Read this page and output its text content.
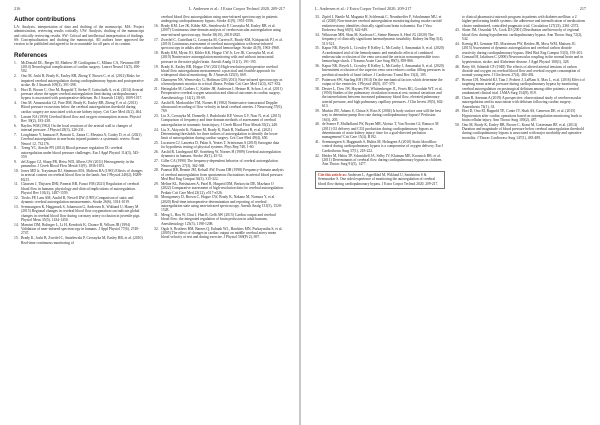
216	L. Andersen et al.: J Extra Corpor Technol 2020, 209-217
Author contributions

LA: Analysis, interpretation of data and drafting of the manuscript. MA: Project administration, reviewing results critically. UW: Analysis, drafting of the manuscript and critically reviewing results. SW: Critical and intellectual interpretation of findings. SS: Conceptualization and drafting the manuscript. All authors have approved the version to be published and agreed to be accountable for all parts of its content.

References
1.	McDonald DL, Berger M, Mathew JP, Graffagnino C, Milano CA, Newman MF (2014) Neurological complications of cardiac surgery. Lancet Neurol 13(5), 490-502.
2.	Ono M, Joshi B, Brady K, Easley RB, Zheng Y, Brown C, et al. (2012) Risks for impaired cerebral autoregulation during cardiopulmonary bypass and postoperative stroke. Br J Anaesth 109(3), 391-398.
3.	Hori D, Brown C, Ono M, Rappold T, Sieber F, Gottschalk A, et al. (2014) Arterial pressure above the upper cerebral autoregulation limit during cardiopulmonary bypass is associated with postoperative delirium. Br J Anaesth 113(6), 1009-1017.
4.	Ono M, Arnaoutakis GJ, Fine DM, Brady K, Easley RB, Zheng Y, et al. (2013) Blood pressure excursions below the cerebral autoregulation threshold during cardiac surgery are associated with acute kidney injury. Crit Care Med 41(2), 464.
5.	Lassen NA (1959) Cerebral blood flow and oxygen consumption in man. Physiol Rev 39(2), 183-238.
6.	Bayliss WM (1902) On the local reactions of the arterial wall to changes of internal pressure. J Physiol 28(3), 220-231.
7.	Longhitano Y, Iannuzzi F, Bonatti G, Zanza C, Messina A, Godoy D, et al. (2021) Cerebral autoregulation in non-brain injured patients: a systematic review. Front Neurol 12, 732176.
8.	Tzeng YC, Ainslie PN (2014) Blood pressure regulation IX: cerebral autoregulation under blood pressure challenges. Eur J Appl Physiol 114(3), 545-559.
9.	del Zoppo GJ, Sharp FR, Heiss WD, Albers GW (2011) Heterogeneity in the penumbra. J Cereb Blood Flow Metab 31(9), 1836-1851.
10. Jones MD Jr, Traystman RJ, Simmons MA, Molteni RA (1981) Effects of changes in arterial content on cerebral blood flow in the lamb. Am J Physiol 240(2), H209-H215.
11. Claassen J, Thijssen DHJ, Panerai RB, Faraci FM (2021) Regulation of cerebral blood flow in humans: physiology and clinical implications of autoregulation. Physiol Rev 101(4), 1487-1559.
12. Tiecks FP, Lam AM, Aaslid R, Newell DW (1995) Comparison of static and dynamic cerebral autoregulation measurements. Stroke 26(6), 1014-1019.
13. Svennungsen K, Haggmark S, Johansson G, Andersen K, Wiklund U, Haney M (2015) Regional changes in cerebral blood flow oxygenation can indicate global changes in cerebral blood flow during coronary artery occlusion in juvenile pigs. Physiol Meas 35(5), 1434-1450.
14. Mancini DM, Bolinger L, Li H, Kendrick K, Chance B, Wilson JR (1994) Validation of near-infrared spectroscopy in humans. J Appl Physiol 77(6), 2740-2747.
15. Brady K, Joshi B, Zweifel C, Smielewski P, Czosnyka M, Easley RB, et al. (2010) Real-time continuous monitoring of
cerebral blood flow autoregulation using near-infrared spectroscopy in patients undergoing cardiopulmonary bypass. Stroke 41(9), 1951-1956.
16. Brady KM, Lee JK, Kibler KK, Smielewski P, Czosnyka M, Easley RB, et al. (2007) Continuous time-domain analysis of cerebrovascular autoregulation using near-infrared spectroscopy. Stroke 38(10), 2818-2825.
17. Zweifel C, Castellani G, Czosnyka M, Carrera E, Brady KM, Kirkpatrick PJ, et al. (2010) Continuous assessment of cerebral autoregulation with near-infrared spectroscopy in adults after subarachnoid hemorrhage. Stroke 41(9), 1963-1968.
18. Brady KM, Mytar JO, Kibler KK, Hogue CW Jr, Lee JK, Czosnyka M, et al. (2010) Noninvasive autoregulation monitoring with and without intracranial pressure in the naive piglet brain. Anesth Analg 111(1), 191-195.
19. Brady K, Easley RB, Hogue CW (2021) High-resolution perioperative cerebral blood flow autoregulation measurement: a practical and feasible approach for widespread clinical monitoring. Br J Anaesth 125(5), 669.
20. Ghanayem NS, Wernovsky G, Hoffman GM (2011) Near-infrared spectroscopy as a hemodynamic monitor in critical illness. Pediatr Crit Care Med 12(4), S27-S32.
21. Heringlake M, Garbers C, Kabler JH, Anderson I, Heinze H, Schon J, et al. (2011) Preoperative cerebral oxygen saturation and clinical outcomes in cardiac surgery. Anesthesiology 114(1), 58-69.
22. Aaslid R, Markwalder TM, Nornes H (1982) Noninvasive transcranial Doppler ultrasound recording of flow velocity in basal cerebral arteries. J Neurosurg 57(6), 769.
23. Liu X, Czosnyka M, Donnelly J, Budohoski KP, Varsos GV, Nasr N, et al. (2015) Comparison of frequency and time domain methods of assessment of cerebral autoregulation in traumatic brain injury. J Cereb Blood Flow Metab 35(2), 248.
24. Liu X, Akiyoshi K, Nakano M, Brady K, Bush B, Nadkarni R, et al. (2021) Determining thresholds for three indices of autoregulation to identify the lower limit of autoregulation during cardiac surgery. Crit Care Med 49(4), 650.
25. Lucassen CJ, Lanzeira D, Palan A, Yeates T, Srinivasan A (2018) Surrogate data for hypothesis testing of physical systems. Phys Rep 748, 1-60.
26. Aaslid R, Lindegaard KF, Sorteberg W, Nornes H (1989) Cerebral autoregulation dynamics in humans. Stroke 20(1), 45-52.
27. Giller CA (1990) The frequency-dependent behavior of cerebral autoregulation. Neurosurgery 27(3), 362-368.
28. Panerai RB, Rennie JM, Kelsall AW, Evans DH (1998) Frequency-domain analysis of cerebral autoregulation from spontaneous fluctuations in arterial blood pressure. Med Biol Eng Comput 36(3), 315-322.
29. Meline KL, Beishuizen A, Patel R, Haspeid DM, Berkowitz DE, Mazhara O (2022) Comparative assessment of high-resolution data for cerebral autoregulation. Pediatr Crit Care Med 23(12), e517-e526.
30. Montgomery D, Brown C, Hogue CW, Brady K, Nakano M, Nomura Y, et al. (2020) Real-time intraoperative determination and reporting of cerebral autoregulation state using near-infrared spectroscopy. Anesth Analg 131(5), 1520-1528.
31. Meng L, Hou W, Chui J, Han R, Gelb AW (2015) Cardiac output and cerebral blood flow: the integrated regulation of brain perfusion in adult humans. Anesthesiology 123(5), 1198-1208.
32. Ogoh S, Brothers RM, Barnes Q, Eubank WL, Hawkins MN, Purkayastha S, et al. (2005) The effect of changes in cardiac output on middle cerebral artery mean blood velocity at rest and during exercise. J Physiol 569(Pt 2), 697.
L. Andersen et al.: J Extra Corpor Technol 2020, 209-217	217
33. Zipfel J, Bantle M, Magunia H, Schlensak C, Neunhoeffer F, Schuhmann MU, et al. (2020) Non-invasive cerebral autoregulation monitoring during awake carotid endarterectomy identifies clinically significant brain ischaemia. Eur J Vasc Endovasc Surg 60(5), 642-649.
34. Wiktorsen MH, Skau M, Karlsson C, Steine Hansen A, Heaf JG (2020) The frequency of clinically significant haemodynamic instability. Kidney Int Rep 5(4), 513-521.
35. Kapur NK, Reyelt L, Crowley P, Kelley L, McCarthy J, Annamalai S, et al. (2020) A randomized trial of the hemodynamic and metabolic effects of combined endovascular occlusion of the vena cava and the aorta in noncompressible torso hemorrhage shock. J Trauma Acute Care Surg 89(5), 858-866.
36. Kapur NK, Reyelt L, Crowley P, Kelley L, McCarthy J, Annamalai S, et al. (2020) Intermittent occlusion of the superior vena cava reduces cardiac filling pressures in preclinical models of heart failure. J Cardiovasc Transl Res 13(2), 185.
37. Patterson SW, Starling EH (1914) On the mechanical factors which determine the output of the ventricles. J Physiol 48(5), 357-379.
38. Dexter L, Dow JW, Haynes FW, Whittenberger JL, Ferris BG, Goodale WT, et al. (1950) Studies of the pulmonary circulation in man at rest; normal variations and the interrelations between increased pulmonary blood flow, elevated pulmonary arterial pressure, and high pulmonary capillary pressures. J Clin Invest 29(5), 602-613.
39. Murkin JM, Adams S, Chiara S, Ross K (2004) Is body surface area still the best way to determine pump flow rate during cardiopulmonary bypass? Perfusion 16(3), 205.
40. de Somer F, Mulholland JW, Bryan MR, Aloisio T, Van Nooten GJ, Ranucci M (2011) O2 delivery and CO2 production during cardiopulmonary bypass as determinants of acute kidney injury: time for a goal-directed perfusion management? Crit Care 15(4), R192.
41. Svennungsen S, Haggmark S, Hultin M, Holmgren A (2010) Static bloodflow control during cardiopulmonary bypass is a compromise of oxygen delivery. Eur J Cardiothorac Surg 37(1), 218-222.
42. Heider M, Helou TP, Schmidtell JA, Selby JV, Klaiman ME, Krosnick BR, et al. (2011) Determinants of cerebral flow during cardiopulmonary bypass in children. Ann Thorac Surg 91(5), 1477.
Cite this article as: Andersen L, Appelblad M, Wiklund U, Sandström S & Svenmarker S. One sided experience of monitoring the autoregulation of cerebral blood flow during cardiopulmonary bypass. J Extra Corpor Technol 2020, 209-217.
to clinical pharmacist outreach program in patients with diabetes mellitus: a 2 higher-performing health systems: the adherence and intensification of medications cluster randomized, controlled pragmatic trial. Circulation 127(23), 2361-2372.
43. Slater JM, Orszulak TA, Cook DJ (2001) Distribution and hierarchy of regional blood flow during hypothermic cardiopulmonary bypass. Ann Thorac Surg 72(2), 542.
44. Koenig HJ, Gemmer ED, Mortensen PW, Reiden JR, Moss WM, Mattsen JG (2015) Assessment of dynamic autoregulation and cerebral carbon dioxide reactivity during cardiopulmonary bypass. Med Biol Eng Comput 53(3), 193-201.
45. Grenaad H, Jakobsen C (2006) Neurovascular coupling in the normal brain and in hypertension, stroke, and Alzheimer disease. J Appl Physiol 100(1), 328.
46. Betty SS, Schmidt CF (1948) The effects of altered arterial tensions of carbon dioxide and oxygen on cerebral blood flow and cerebral oxygen consumption of normal young men. J Clin Invest 27(4), 484-492.
47. Brown CH, Neufeld KJ, Tian J, Probert J, LaFlam A, Max L, et al. (2016) Effect of targeting mean arterial pressure during cardiopulmonary bypass by monitoring cerebral autoregulation on postsurgical delirium among older patients: a nested randomized clinical trial. JAMA Surg 154(9), 819.
48. Chan B, Aneman A (2019) A prospective, observational study of cerebrovascular autoregulation and its association with delirium following cardiac surgery. Anaesthesia 74(1), 33.
49. Hori D, Ono M, Rappold TE, Conte JV, Shah AS, Cameron DE, et al. (2015) Hypotension after cardiac operations based on autoregulation monitoring leads to brain cellular injury. Ann Thorac Surg 100(2), 487.
50. Ono M, Brady K, Easley RB, Brown C, Kraut M, Gottesman RF, et al. (2014) Duration and magnitude of blood pressure below cerebral autoregulation threshold during cardiopulmonary bypass is associated with major morbidity and operative mortality. J Thorac Cardiovasc Surg 147(1), 483-489.
